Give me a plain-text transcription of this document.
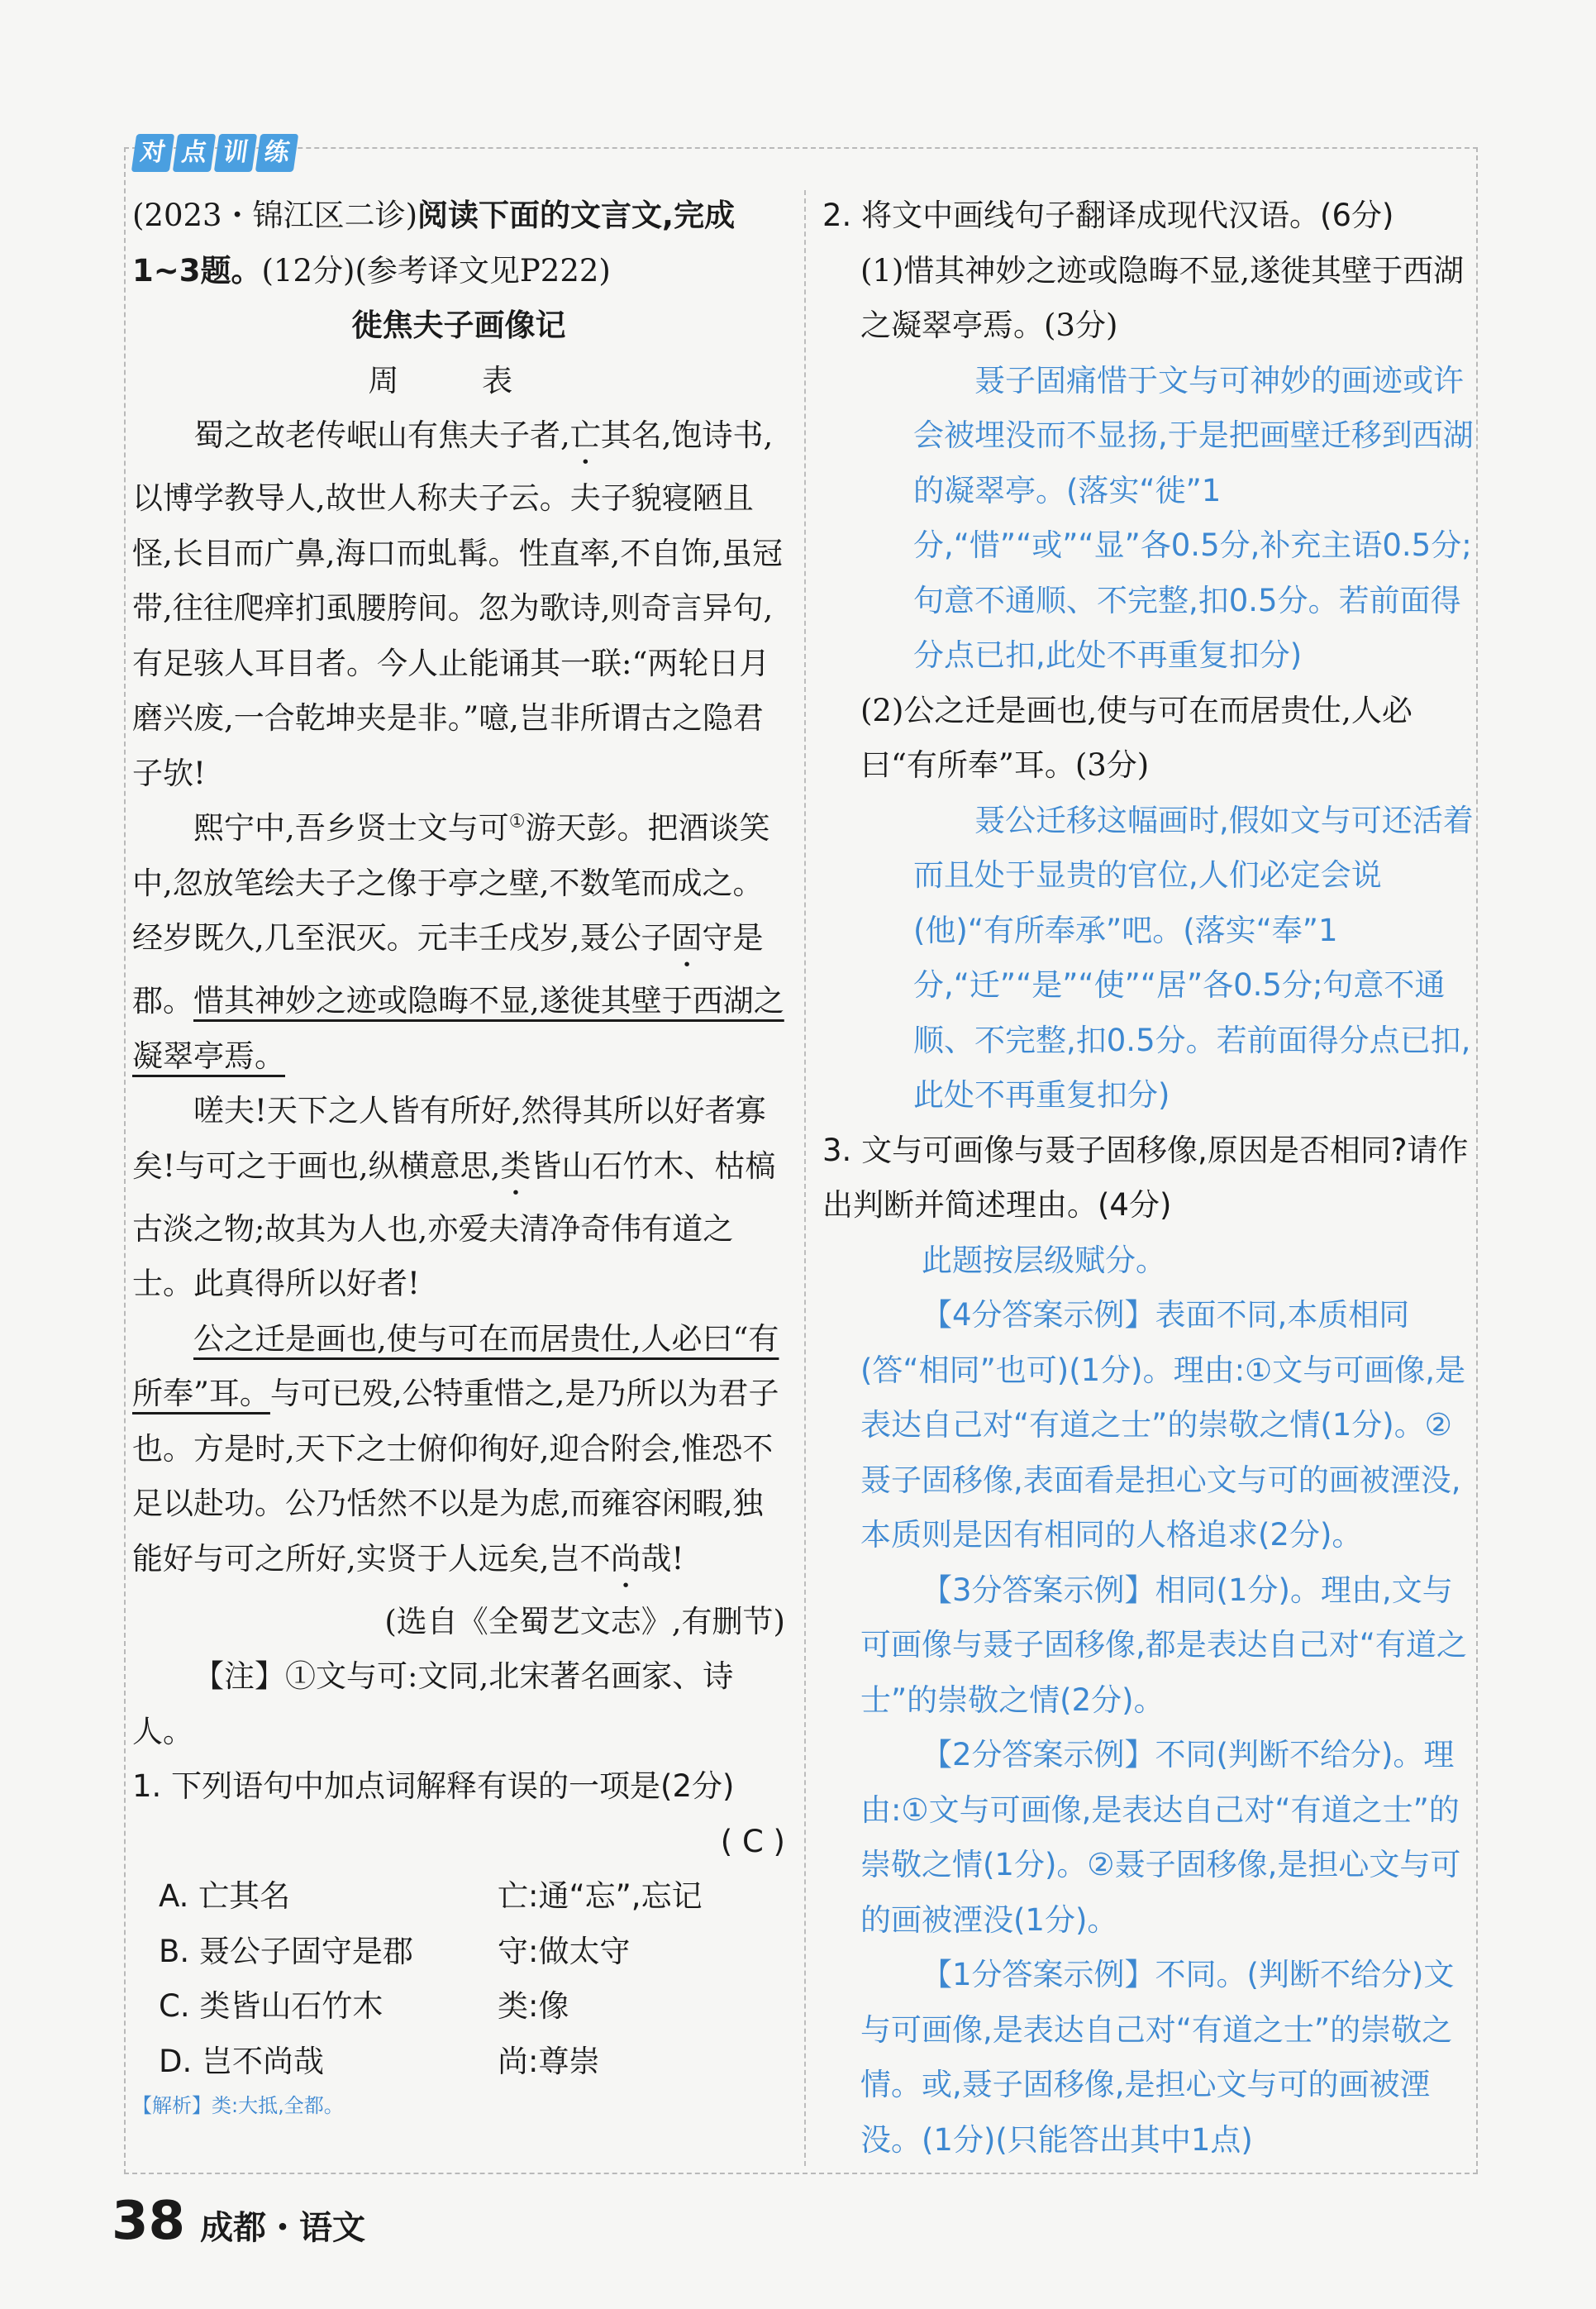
对 点 训 练

(2023・锦江区二诊)阅读下面的文言文,完成1~3题。(12分)(参考译文见P222)

徙焦夫子画像记

周 表

蜀之故老传岷山有焦夫子者,亡其名,饱诗书,以博学教导人,故世人称夫子云。夫子貌寝陋且怪,长目而广鼻,海口而虬髯。性直率,不自饰,虽冠带,往往爬痒扪虱腰胯间。忽为歌诗,则奇言异句,有足骇人耳目者。今人止能诵其一联:“两轮日月磨兴废,一合乾坤夹是非。”噫,岂非所谓古之隐君子欤!

熙宁中,吾乡贤士文与可①游天彭。把酒谈笑中,忽放笔绘夫子之像于亭之壁,不数笔而成之。经岁既久,几至泯灭。元丰壬戌岁,聂公子固守是郡。惜其神妙之迹或隐晦不显,遂徙其壁于西湖之凝翠亭焉。

嗟夫!天下之人皆有所好,然得其所以好者寡矣!与可之于画也,纵横意思,类皆山石竹木、枯槁古淡之物;故其为人也,亦爱夫清净奇伟有道之士。此真得所以好者!

公之迁是画也,使与可在而居贵仕,人必曰“有所奉”耳。与可已殁,公特重惜之,是乃所以为君子也。方是时,天下之士俯仰徇好,迎合附会,惟恐不足以赴功。公乃恬然不以是为虑,而雍容闲暇,独能好与可之所好,实贤于人远矣,岂不尚哉!

(选自《全蜀艺文志》,有删节)

【注】①文与可:文同,北宋著名画家、诗人。

1. 下列语句中加点词解释有误的一项是(2分)

( C )

A. 亡其名	亡:通“忘”,忘记
B. 聂公子固守是郡	守:做太守
C. 类皆山石竹木	类:像
D. 岂不尚哉	尚:尊崇

【解析】类:大抵,全都。

2. 将文中画线句子翻译成现代汉语。(6分)

(1)惜其神妙之迹或隐晦不显,遂徙其壁于西湖之凝翠亭焉。(3分)

聂子固痛惜于文与可神妙的画迹或许会被埋没而不显扬,于是把画壁迁移到西湖的凝翠亭。(落实“徙”1分,“惜”“或”“显”各0.5分,补充主语0.5分;句意不通顺、不完整,扣0.5分。若前面得分点已扣,此处不再重复扣分)

(2)公之迁是画也,使与可在而居贵仕,人必曰“有所奉”耳。(3分)

聂公迁移这幅画时,假如文与可还活着而且处于显贵的官位,人们必定会说(他)“有所奉承”吧。(落实“奉”1分,“迁”“是”“使”“居”各0.5分;句意不通顺、不完整,扣0.5分。若前面得分点已扣,此处不再重复扣分)

3. 文与可画像与聂子固移像,原因是否相同?请作出判断并简述理由。(4分)

此题按层级赋分。

【4分答案示例】表面不同,本质相同(答“相同”也可)(1分)。理由:①文与可画像,是表达自己对“有道之士”的崇敬之情(1分)。②聂子固移像,表面看是担心文与可的画被湮没,本质则是因有相同的人格追求(2分)。

【3分答案示例】相同(1分)。理由,文与可画像与聂子固移像,都是表达自己对“有道之士”的崇敬之情(2分)。

【2分答案示例】不同(判断不给分)。理由:①文与可画像,是表达自己对“有道之士”的崇敬之情(1分)。②聂子固移像,是担心文与可的画被湮没(1分)。

【1分答案示例】不同。(判断不给分)文与可画像,是表达自己对“有道之士”的崇敬之情。或,聂子固移像,是担心文与可的画被湮没。(1分)(只能答出其中1点)

38 成都・语文
